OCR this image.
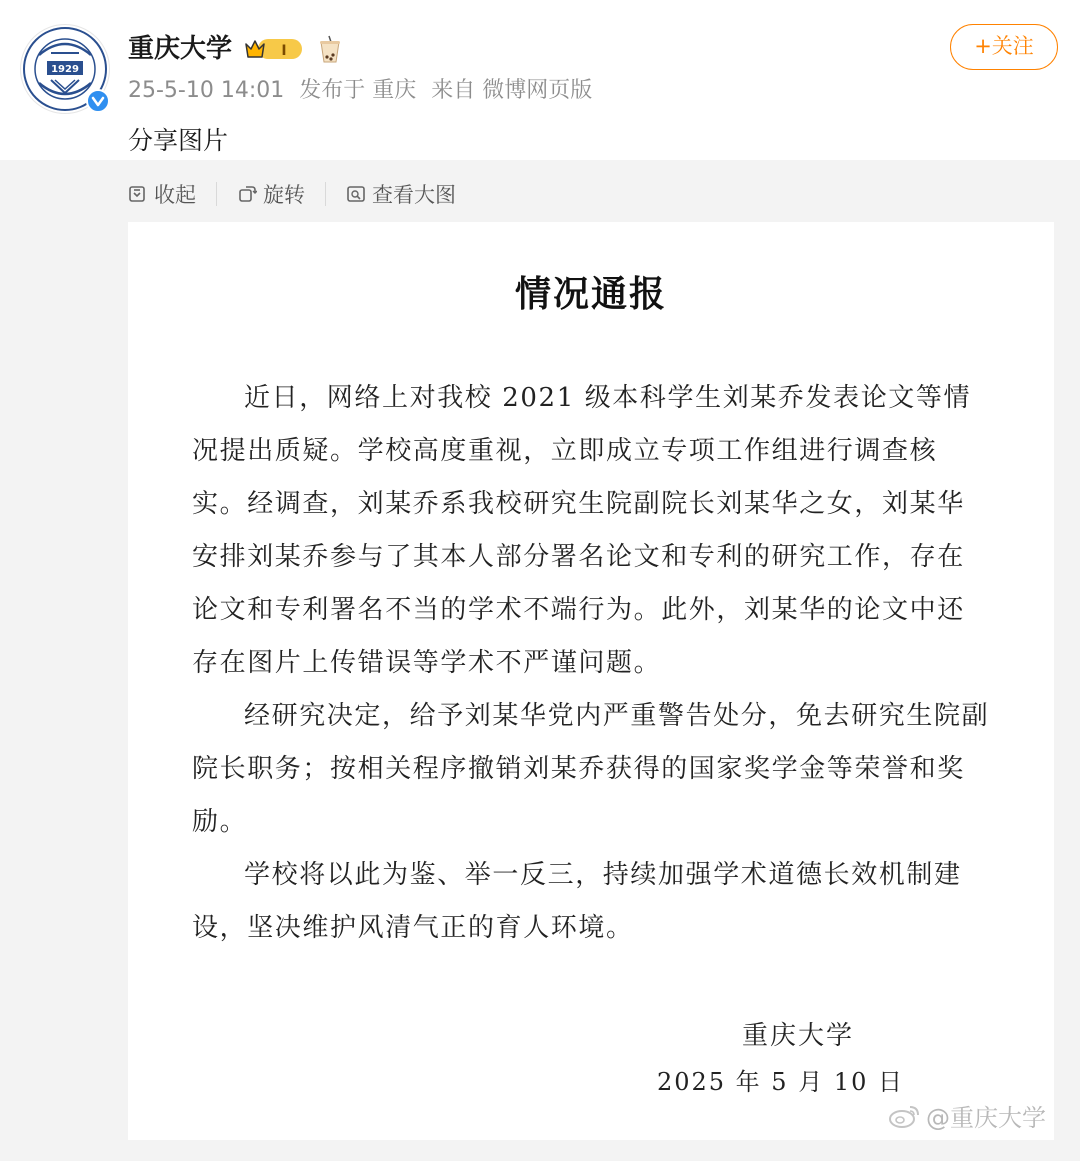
1929
重庆大学	I
25-5-10 14:01 发布于 重庆 来自 微博网页版
+关注
分享图片
收起	旋转	查看大图
情况通报

近日，网络上对我校 2021 级本科学生刘某乔发表论文等情况提出质疑。学校高度重视，立即成立专项工作组进行调查核实。经调查，刘某乔系我校研究生院副院长刘某华之女，刘某华安排刘某乔参与了其本人部分署名论文和专利的研究工作，存在论文和专利署名不当的学术不端行为。此外，刘某华的论文中还存在图片上传错误等学术不严谨问题。

经研究决定，给予刘某华党内严重警告处分，免去研究生院副院长职务；按相关程序撤销刘某乔获得的国家奖学金等荣誉和奖励。

学校将以此为鉴、举一反三，持续加强学术道德长效机制建设，坚决维护风清气正的育人环境。

重庆大学
2025 年 5 月 10 日
@重庆大学
